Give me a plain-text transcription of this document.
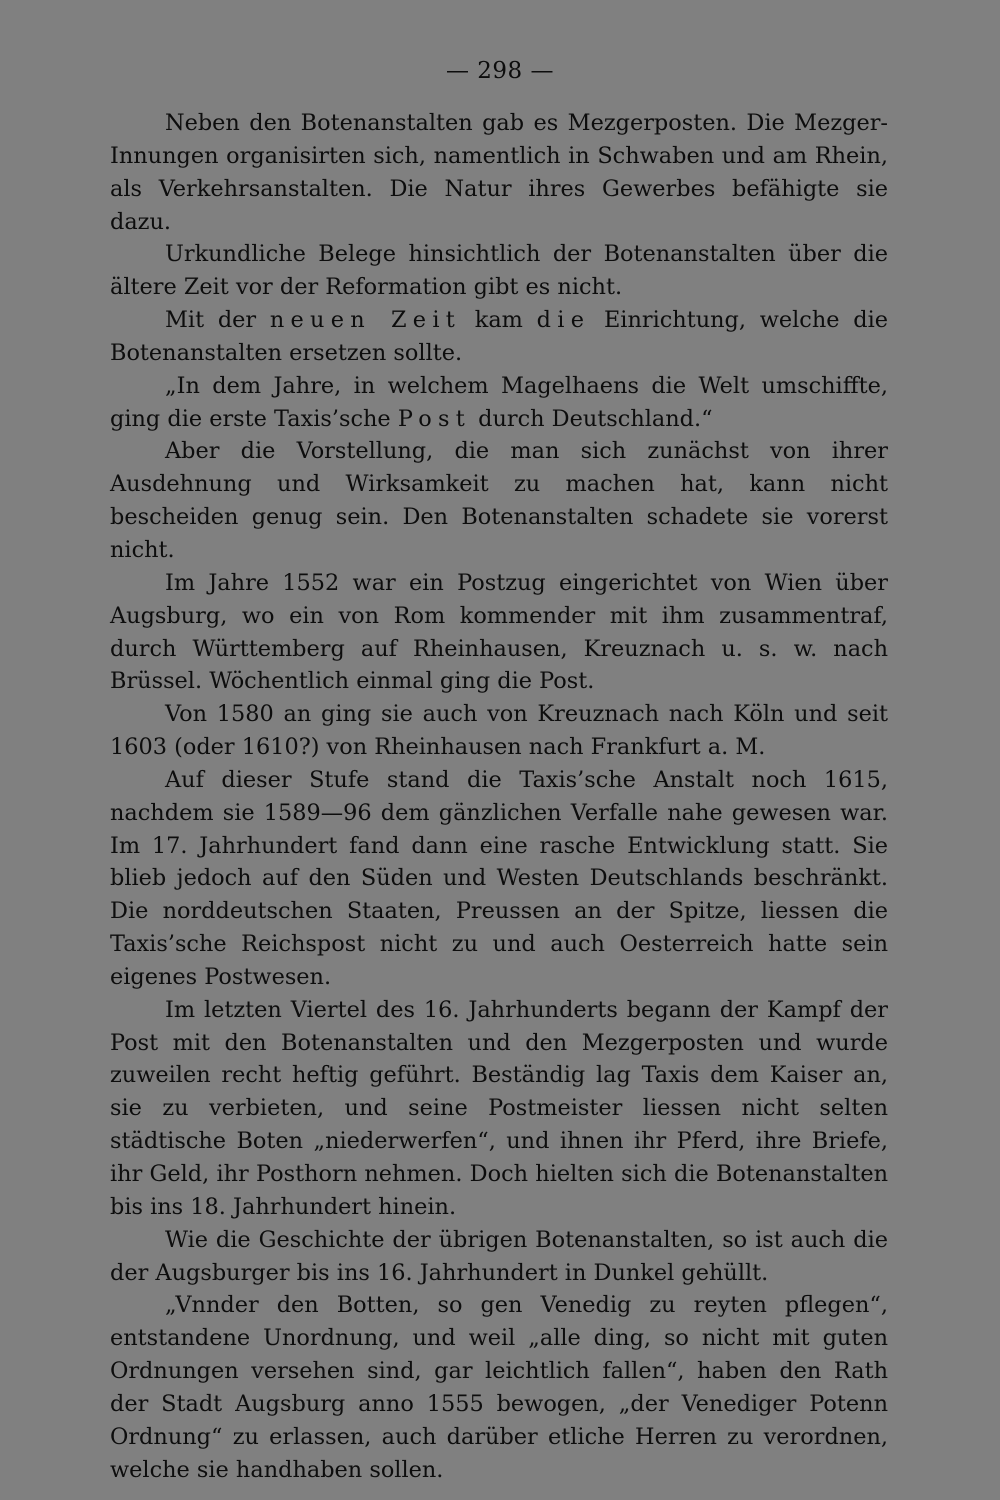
— 298 —

Neben den Botenanstalten gab es Mezgerposten. Die Mezger-Innungen organisirten sich, namentlich in Schwaben und am Rhein, als Verkehrsanstalten. Die Natur ihres Gewerbes befähigte sie dazu.

Urkundliche Belege hinsichtlich der Botenanstalten über die ältere Zeit vor der Reformation gibt es nicht.

Mit der neuen Zeit kam die Einrichtung, welche die Botenanstalten ersetzen sollte.

„In dem Jahre, in welchem Magelhaens die Welt umschiffte, ging die erste Taxis’sche Post durch Deutschland.“

Aber die Vorstellung, die man sich zunächst von ihrer Ausdehnung und Wirksamkeit zu machen hat, kann nicht bescheiden genug sein. Den Botenanstalten schadete sie vorerst nicht.

Im Jahre 1552 war ein Postzug eingerichtet von Wien über Augsburg, wo ein von Rom kommender mit ihm zusammentraf, durch Württemberg auf Rheinhausen, Kreuznach u. s. w. nach Brüssel. Wöchentlich einmal ging die Post.

Von 1580 an ging sie auch von Kreuznach nach Köln und seit 1603 (oder 1610?) von Rheinhausen nach Frankfurt a. M.

Auf dieser Stufe stand die Taxis’sche Anstalt noch 1615, nachdem sie 1589—96 dem gänzlichen Verfalle nahe gewesen war. Im 17. Jahrhundert fand dann eine rasche Entwicklung statt. Sie blieb jedoch auf den Süden und Westen Deutschlands beschränkt. Die norddeutschen Staaten, Preussen an der Spitze, liessen die Taxis’sche Reichspost nicht zu und auch Oesterreich hatte sein eigenes Postwesen.

Im letzten Viertel des 16. Jahrhunderts begann der Kampf der Post mit den Botenanstalten und den Mezgerposten und wurde zuweilen recht heftig geführt. Beständig lag Taxis dem Kaiser an, sie zu verbieten, und seine Postmeister liessen nicht selten städtische Boten „niederwerfen“, und ihnen ihr Pferd, ihre Briefe, ihr Geld, ihr Posthorn nehmen. Doch hielten sich die Botenanstalten bis ins 18. Jahrhundert hinein.

Wie die Geschichte der übrigen Botenanstalten, so ist auch die der Augsburger bis ins 16. Jahrhundert in Dunkel gehüllt.

„Vnnder den Botten, so gen Venedig zu reyten pflegen“, entstandene Unordnung, und weil „alle ding, so nicht mit guten Ordnungen versehen sind, gar leichtlich fallen“, haben den Rath der Stadt Augsburg anno 1555 bewogen, „der Venediger Potenn Ordnung“ zu erlassen, auch darüber etliche Herren zu verordnen, welche sie handhaben sollen.
